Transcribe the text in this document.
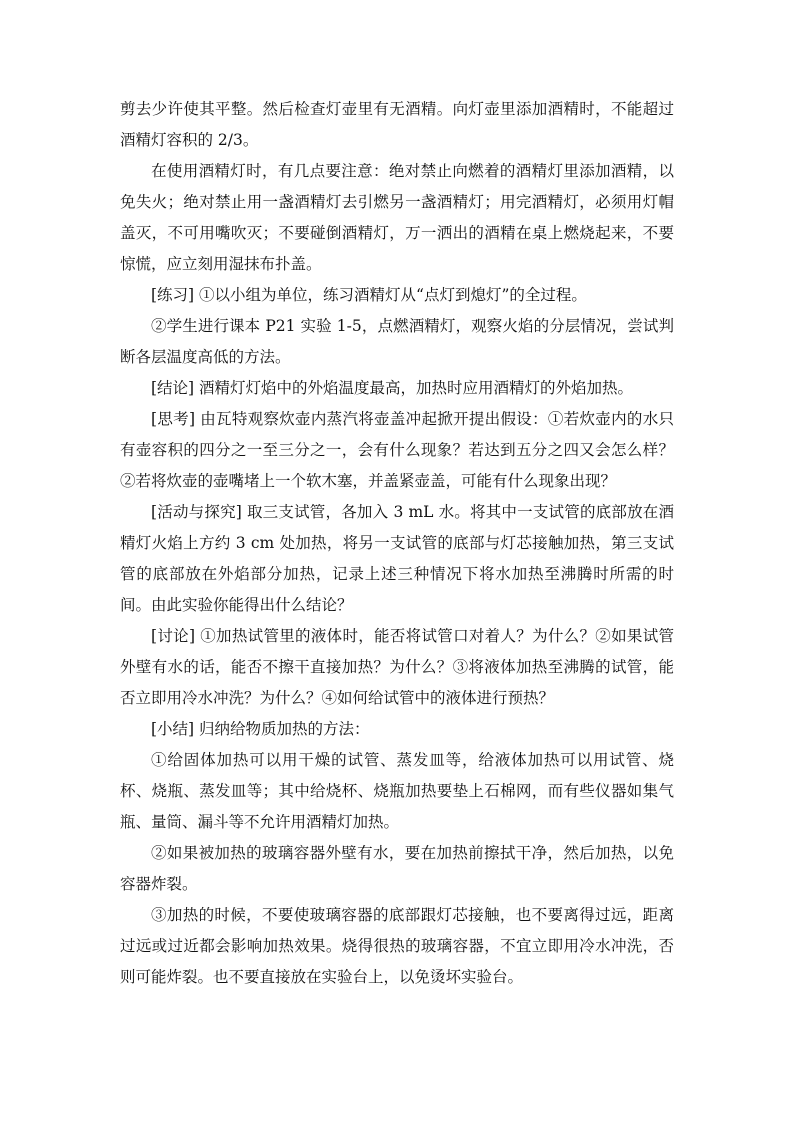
剪去少许使其平整。然后检查灯壶里有无酒精。向灯壶里添加酒精时，不能超过酒精灯容积的 2/3。

在使用酒精灯时，有几点要注意：绝对禁止向燃着的酒精灯里添加酒精，以免失火；绝对禁止用一盏酒精灯去引燃另一盏酒精灯；用完酒精灯，必须用灯帽盖灭，不可用嘴吹灭；不要碰倒酒精灯，万一洒出的酒精在桌上燃烧起来，不要惊慌，应立刻用湿抹布扑盖。

[练习] ①以小组为单位，练习酒精灯从“点灯到熄灯”的全过程。

②学生进行课本 P21 实验 1-5，点燃酒精灯，观察火焰的分层情况，尝试判断各层温度高低的方法。

[结论] 酒精灯灯焰中的外焰温度最高，加热时应用酒精灯的外焰加热。

[思考] 由瓦特观察炊壶内蒸汽将壶盖冲起掀开提出假设：①若炊壶内的水只有壶容积的四分之一至三分之一，会有什么现象？若达到五分之四又会怎么样？②若将炊壶的壶嘴堵上一个软木塞，并盖紧壶盖，可能有什么现象出现？

[活动与探究] 取三支试管，各加入 3 mL 水。将其中一支试管的底部放在酒精灯火焰上方约 3 cm 处加热，将另一支试管的底部与灯芯接触加热，第三支试管的底部放在外焰部分加热，记录上述三种情况下将水加热至沸腾时所需的时间。由此实验你能得出什么结论？

[讨论] ①加热试管里的液体时，能否将试管口对着人？为什么？②如果试管外壁有水的话，能否不擦干直接加热？为什么？③将液体加热至沸腾的试管，能否立即用冷水冲洗？为什么？④如何给试管中的液体进行预热？

[小结] 归纳给物质加热的方法：

①给固体加热可以用干燥的试管、蒸发皿等，给液体加热可以用试管、烧杯、烧瓶、蒸发皿等；其中给烧杯、烧瓶加热要垫上石棉网，而有些仪器如集气瓶、量筒、漏斗等不允许用酒精灯加热。

②如果被加热的玻璃容器外壁有水，要在加热前擦拭干净，然后加热，以免容器炸裂。

③加热的时候，不要使玻璃容器的底部跟灯芯接触，也不要离得过远，距离过远或过近都会影响加热效果。烧得很热的玻璃容器，不宜立即用冷水冲洗，否则可能炸裂。也不要直接放在实验台上，以免烫坏实验台。
